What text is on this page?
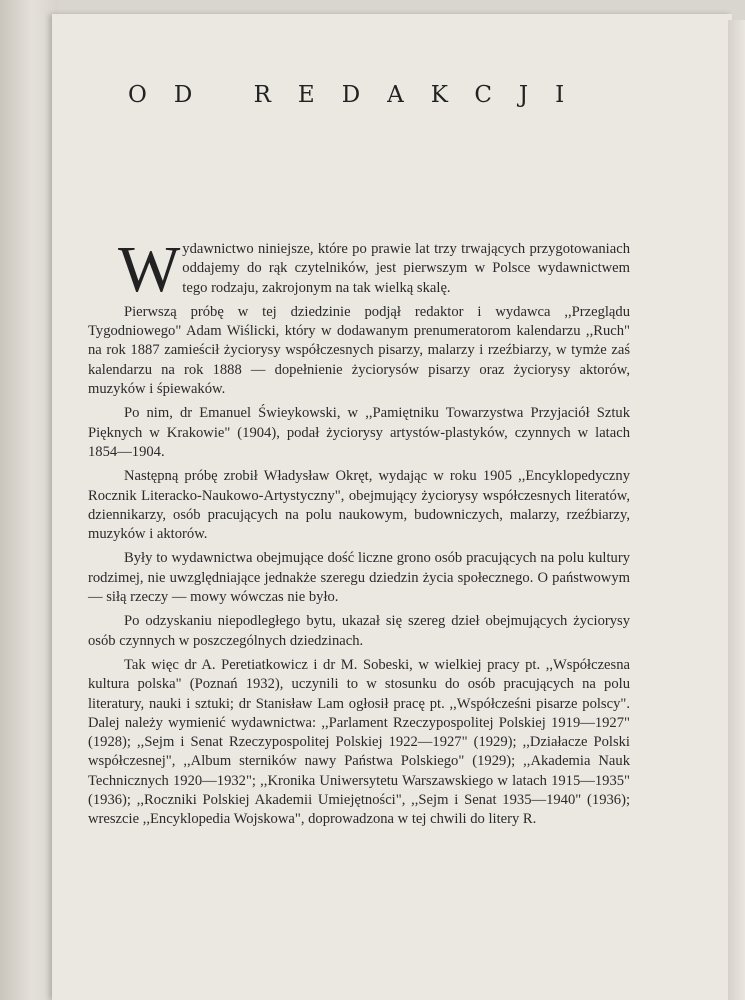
OD REDAKCJI

Wydawnictwo niniejsze, które po prawie lat trzy trwających przygotowaniach oddajemy do rąk czytelników, jest pierwszym w Polsce wydawnictwem tego rodzaju, zakrojonym na tak wielką skalę.

Pierwszą próbę w tej dziedzinie podjął redaktor i wydawca ,,Przeglądu Tygodniowego" Adam Wiślicki, który w dodawanym prenumeratorom kalendarzu ,,Ruch" na rok 1887 zamieścił życiorysy współczesnych pisarzy, malarzy i rzeźbiarzy, w tymże zaś kalendarzu na rok 1888 — dopełnienie życiorysów pisarzy oraz życiorysy aktorów, muzyków i śpiewaków.

Po nim, dr Emanuel Świeykowski, w ,,Pamiętniku Towarzystwa Przyjaciół Sztuk Pięknych w Krakowie" (1904), podał życiorysy artystów-plastyków, czynnych w latach 1854—1904.

Następną próbę zrobił Władysław Okręt, wydając w roku 1905 ,,Encyklopedyczny Rocznik Literacko-Naukowo-Artystyczny", obejmujący życiorysy współczesnych literatów, dziennikarzy, osób pracujących na polu naukowym, budowniczych, malarzy, rzeźbiarzy, muzyków i aktorów.

Były to wydawnictwa obejmujące dość liczne grono osób pracujących na polu kultury rodzimej, nie uwzględniające jednakże szeregu dziedzin życia społecznego. O państwowym — siłą rzeczy — mowy wówczas nie było.

Po odzyskaniu niepodległego bytu, ukazał się szereg dzieł obejmujących życiorysy osób czynnych w poszczególnych dziedzinach.

Tak więc dr A. Peretiatkowicz i dr M. Sobeski, w wielkiej pracy pt. ,,Współczesna kultura polska" (Poznań 1932), uczynili to w stosunku do osób pracujących na polu literatury, nauki i sztuki; dr Stanisław Lam ogłosił pracę pt. ,,Współcześni pisarze polscy". Dalej należy wymienić wydawnictwa: ,,Parlament Rzeczypospolitej Polskiej 1919—1927" (1928); ,,Sejm i Senat Rzeczypospolitej Polskiej 1922—1927" (1929); ,,Działacze Polski współczesnej", ,,Album sterników nawy Państwa Polskiego" (1929); ,,Akademia Nauk Technicznych 1920—1932"; ,,Kronika Uniwersytetu Warszawskiego w latach 1915—1935" (1936); ,,Roczniki Polskiej Akademii Umiejętności", ,,Sejm i Senat 1935—1940" (1936); wreszcie ,,Encyklopedia Wojskowa", doprowadzona w tej chwili do litery R.
